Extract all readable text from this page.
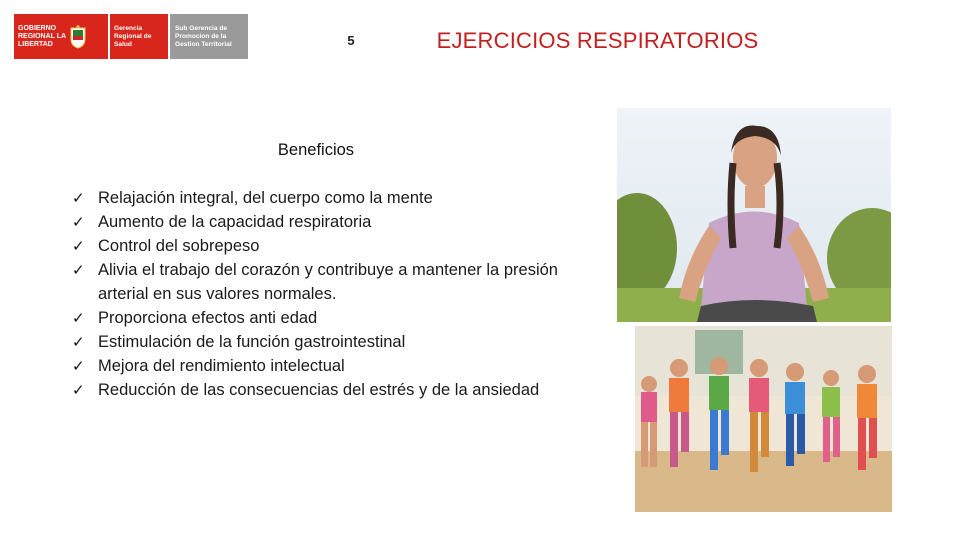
GOBIERNO
REGIONAL LA
LIBERTAD
Gerencia
Regional de
Salud
Sub Gerencia de
Promocion de la
Gestion Territorial	5	EJERCICIOS RESPIRATORIOS
Beneficios
✓ Relajación integral, del cuerpo como la mente
✓ Aumento de la capacidad respiratoria
✓ Control del sobrepeso
✓ Alivia el trabajo del corazón y contribuye a mantener la presión arterial en sus valores normales.
✓ Proporciona efectos anti edad
✓ Estimulación de la función gastrointestinal
✓ Mejora del rendimiento intelectual
✓ Reducción de las consecuencias del estrés y de la ansiedad
